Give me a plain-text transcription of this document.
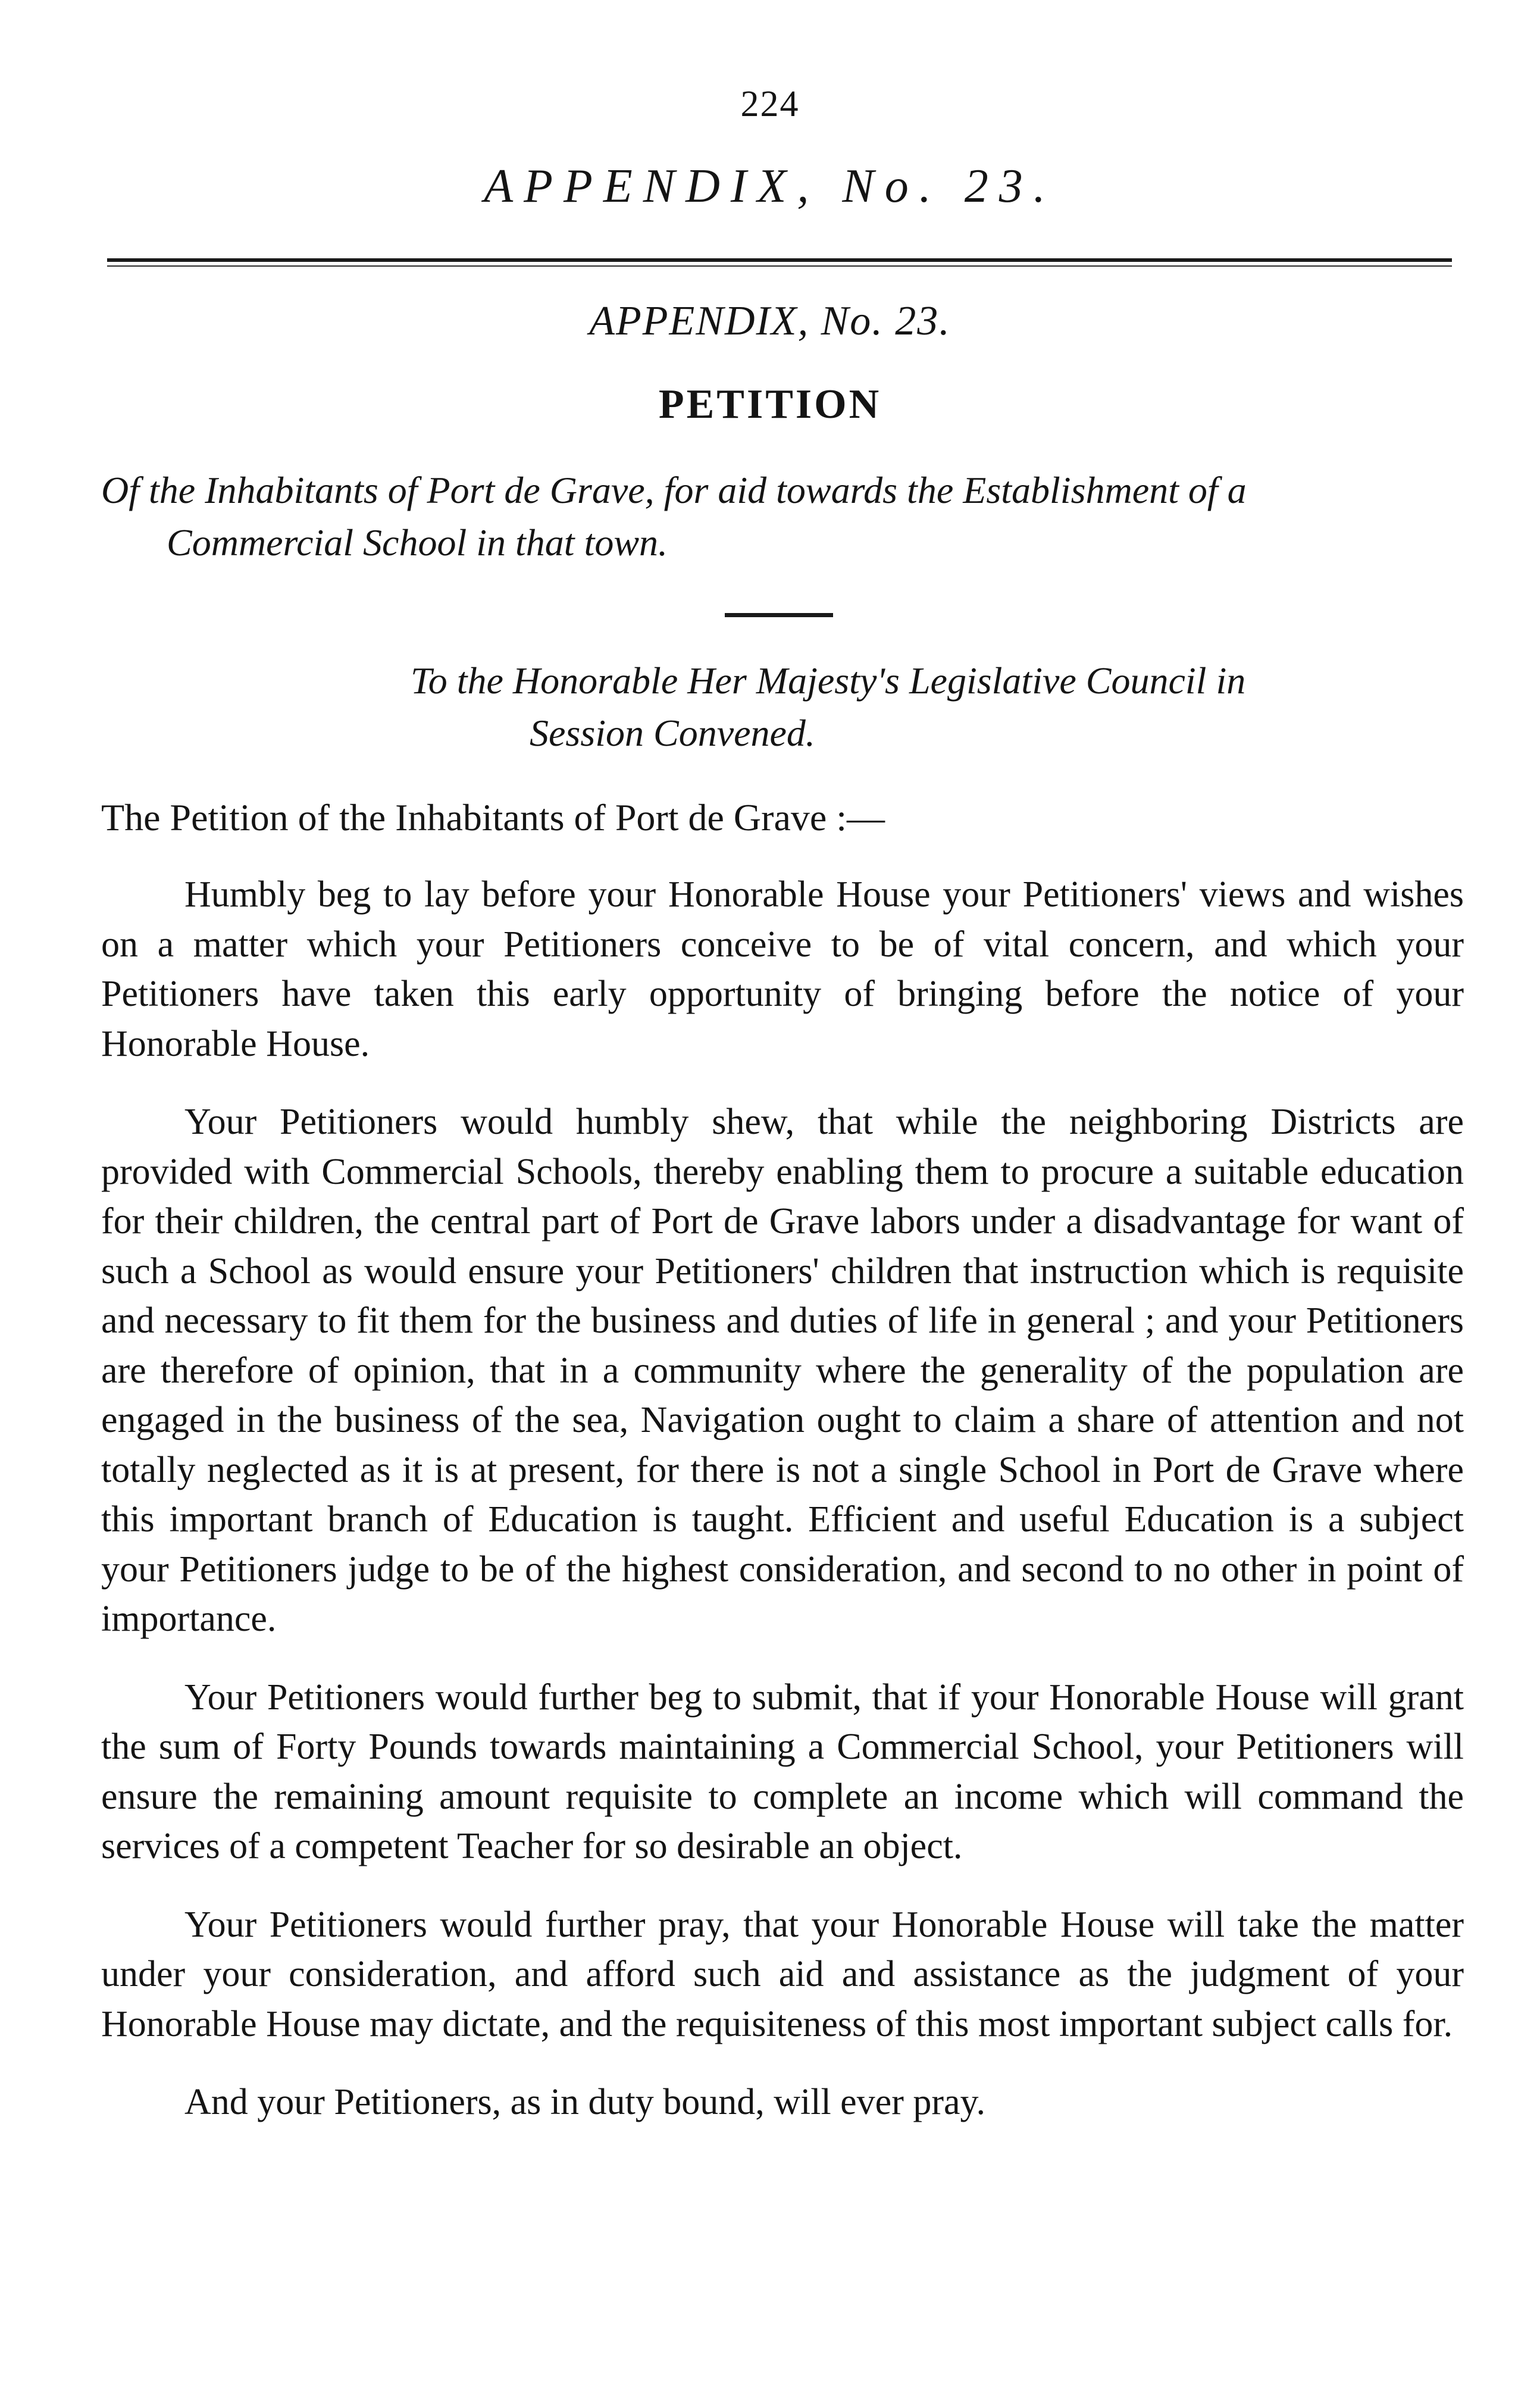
224
APPENDIX, No. 23.
APPENDIX, No. 23.
PETITION
Of the Inhabitants of Port de Grave, for aid towards the Establishment of a
Commercial School in that town.
To the Honorable Her Majesty's Legislative Council in
Session Convened.
The Petition of the Inhabitants of Port de Grave :—

Humbly beg to lay before your Honorable House your Petitioners' views and wishes on a matter which your Petitioners conceive to be of vital concern, and which your Petitioners have taken this early opportunity of bringing before the notice of your Honorable House.

Your Petitioners would humbly shew, that while the neighboring Districts are provided with Commercial Schools, thereby enabling them to procure a suitable education for their children, the central part of Port de Grave labors under a disadvantage for want of such a School as would ensure your Petitioners' children that instruction which is requisite and necessary to fit them for the business and duties of life in general ; and your Petitioners are therefore of opinion, that in a community where the generality of the population are engaged in the business of the sea, Navigation ought to claim a share of attention and not totally neglected as it is at present, for there is not a single School in Port de Grave where this important branch of Education is taught. Efficient and useful Education is a subject your Petitioners judge to be of the highest consideration, and second to no other in point of importance.

Your Petitioners would further beg to submit, that if your Honorable House will grant the sum of Forty Pounds towards maintaining a Commercial School, your Petitioners will ensure the remaining amount requisite to complete an income which will command the services of a competent Teacher for so desirable an object.

Your Petitioners would further pray, that your Honorable House will take the matter under your consideration, and afford such aid and assistance as the judgment of your Honorable House may dictate, and the requisiteness of this most important subject calls for.

And your Petitioners, as in duty bound, will ever pray.
